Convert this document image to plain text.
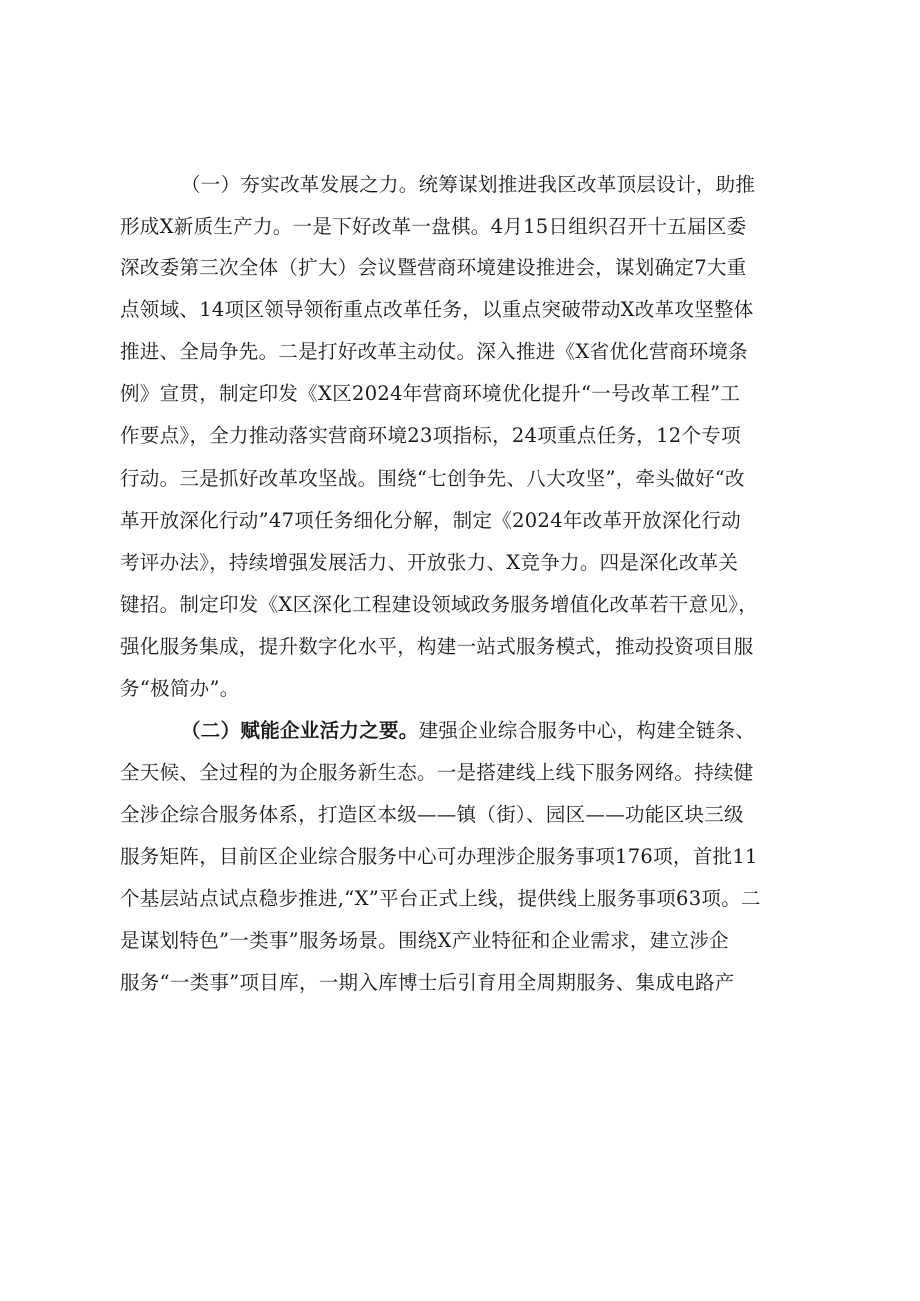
（一）夯实改革发展之力。统筹谋划推进我区改革顶层设计，助推

形成X新质生产力。一是下好改革一盘棋。4月15日组织召开十五届区委

深改委第三次全体（扩大）会议暨营商环境建设推进会，谋划确定7大重

点领域、14项区领导领衔重点改革任务，以重点突破带动X改革攻坚整体

推进、全局争先。二是打好改革主动仗。深入推进《X省优化营商环境条

例》宣贯，制定印发《X区2024年营商环境优化提升“一号改革工程”工

作要点》，全力推动落实营商环境23项指标，24项重点任务，12个专项

行动。三是抓好改革攻坚战。围绕“七创争先、八大攻坚”，牵头做好“改

革开放深化行动”47项任务细化分解，制定《2024年改革开放深化行动

考评办法》，持续增强发展活力、开放张力、X竞争力。四是深化改革关

键招。制定印发《X区深化工程建设领域政务服务增值化改革若干意见》，

强化服务集成，提升数字化水平，构建一站式服务模式，推动投资项目服

务“极简办”。

（二）赋能企业活力之要。建强企业综合服务中心，构建全链条、

全天候、全过程的为企服务新生态。一是搭建线上线下服务网络。持续健

全涉企综合服务体系，打造区本级——镇（街）、园区——功能区块三级

服务矩阵，目前区企业综合服务中心可办理涉企服务事项176项，首批11

个基层站点试点稳步推进,“X”平台正式上线，提供线上服务事项63项。二

是谋划特色”一类事”服务场景。围绕X产业特征和企业需求，建立涉企

服务“一类事”项目库，一期入库博士后引育用全周期服务、集成电路产
